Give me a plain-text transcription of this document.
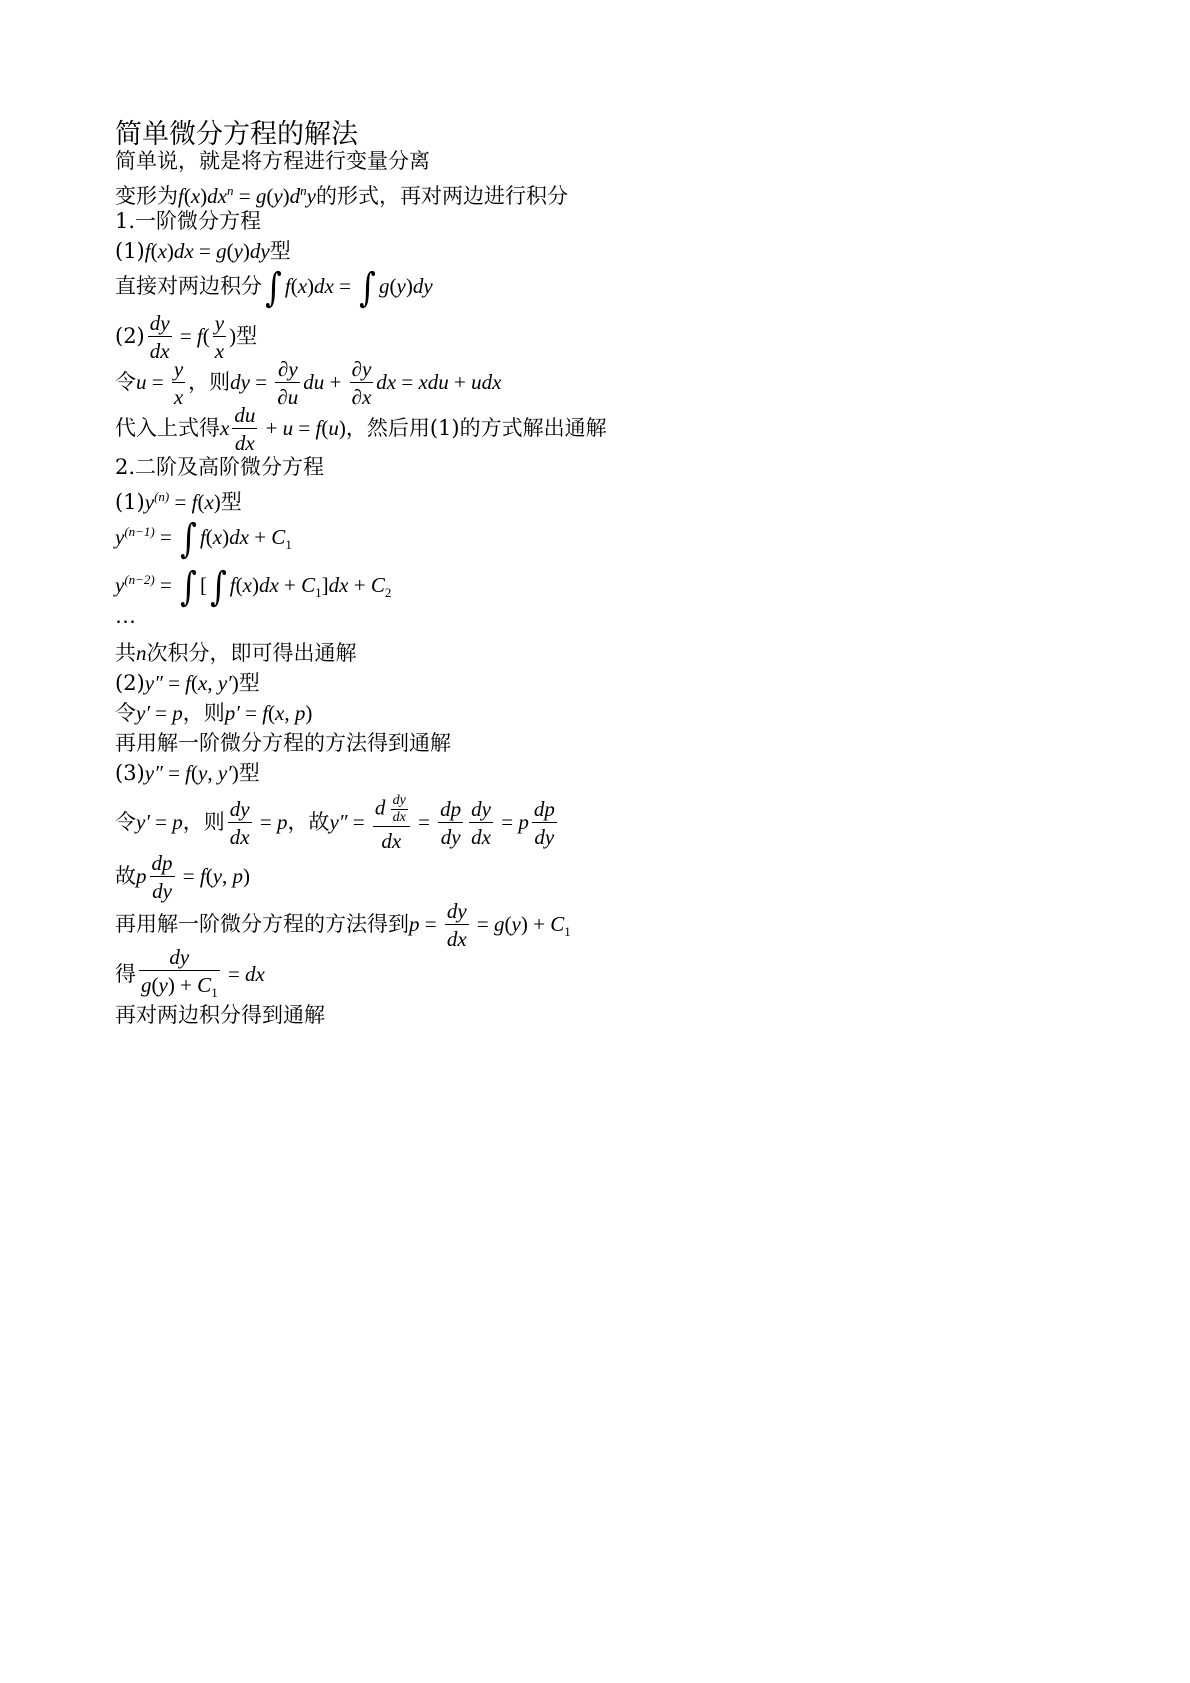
简单微分方程的解法
简单说，就是将方程进行变量分离
变形为$f(x)dx^n = g(y)d^ny$的形式，再对两边进行积分
1.一阶微分方程
(1)f(x)dx = g(y)dy型
直接对两边积分∫ f(x)dx = ∫ g(y)dy
$(2) \frac{dy}{dx} = f( \frac{y}{x}$ )型
令$u = \frac{y}{x}$ ，则dy = $\frac{\partial y}{\partial u}$ du + $\frac{\partial y}{\partial x}$ dx = xdu + udx
代入上式得x $\frac{du}{dx} + u = f(u)$，然后用(1)的方式解出通解
2.二阶及高阶微分方程
$(1)y^{(n)} = f(x)$型
$y^{(n-1)}$ = ∫ $f(x)dx + C_1$
$y^{(n-2)}$ = ∫ [∫ $f(x)dx + C_1]dx + C_2$
⋯
共n次积分，即可得出通解
(2)y″ = f(x, y′)型
令y′ = p，则p′ = f(x, p)
再用解一阶微分方程的方法得到通解
(3)y″ = f(y, y′)型
令y′ = p，则 $\frac{dy}{dx} = p$，故$y'' = \frac{d \frac{dy}{dx}}{dx} = \frac{dp}{dy} \frac{dy}{dx} = p \frac{dp}{dy}$
故p $\frac{dp}{dy} = f(y$, p)
再用解一阶微分方程的方法得到$p = \frac{dy}{dx} = g(y) + C_1$
得 $\frac{dy}{g(y) + C_1}$ = dx
再对两边积分得到通解
